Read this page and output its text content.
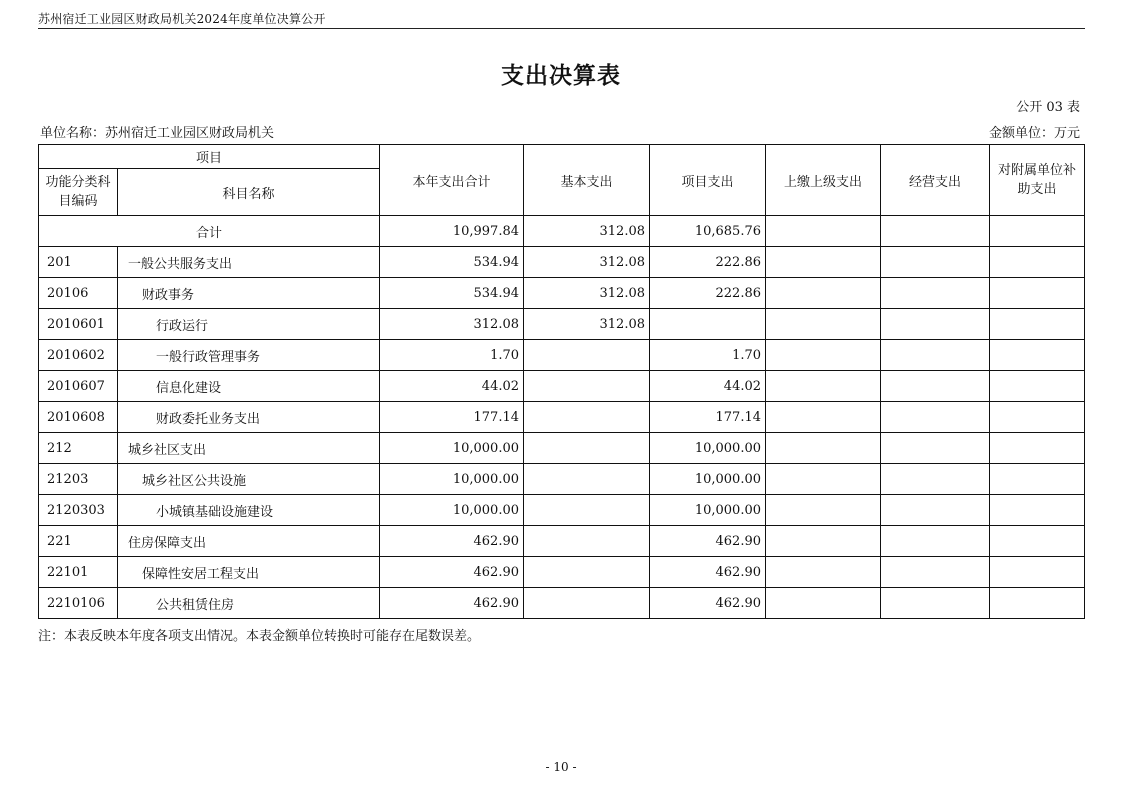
苏州宿迁工业园区财政局机关2024年度单位决算公开
支出决算表
公开 03 表
单位名称：苏州宿迁工业园区财政局机关	金额单位：万元
项目		本年支出合计	基本支出	项目支出	上缴上级支出	经营支出	对附属单位补助支出
功能分类科目编码	科目名称						
合计		10,997.84	312.08	10,685.76			
201	一般公共服务支出	534.94	312.08	222.86			
20106	财政事务	534.94	312.08	222.86			
2010601	行政运行	312.08	312.08				
2010602	一般行政管理事务	1.70		1.70			
2010607	信息化建设	44.02		44.02			
2010608	财政委托业务支出	177.14		177.14			
212	城乡社区支出	10,000.00		10,000.00			
21203	城乡社区公共设施	10,000.00		10,000.00			
2120303	小城镇基础设施建设	10,000.00		10,000.00			
221	住房保障支出	462.90		462.90			
22101	保障性安居工程支出	462.90		462.90			
2210106	公共租赁住房	462.90		462.90			
注：本表反映本年度各项支出情况。本表金额单位转换时可能存在尾数误差。
- 10 -
